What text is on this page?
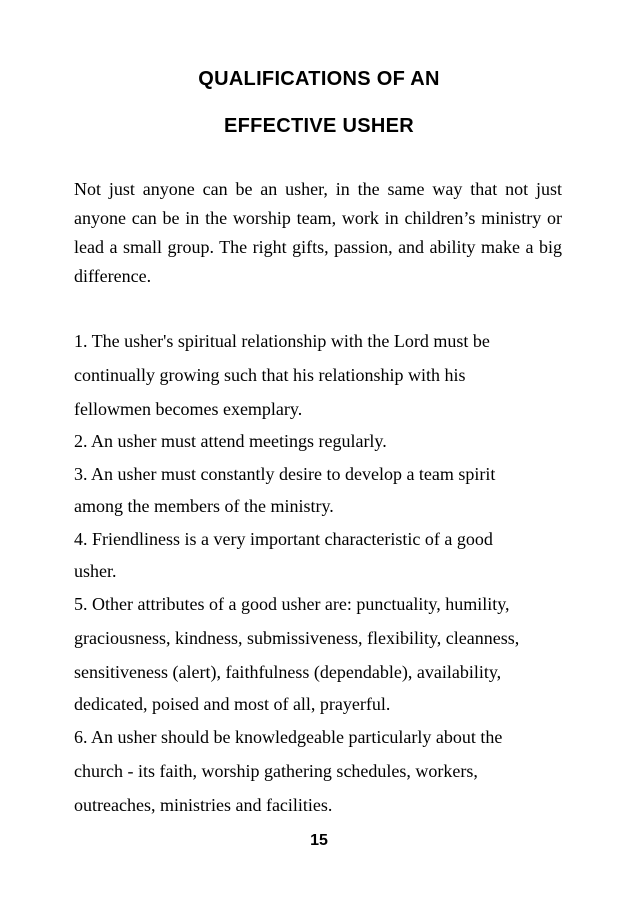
QUALIFICATIONS OF AN
EFFECTIVE USHER
Not just anyone can be an usher, in the same way that not just anyone can be in the worship team, work in children’s ministry or lead a small group. The right gifts, passion, and ability make a big difference.
1. The usher's spiritual relationship with the Lord must be
continually growing such that his relationship with his
fellowmen becomes exemplary.
2. An usher must attend meetings regularly.
3. An usher must constantly desire to develop a team spirit
among the members of the ministry.
4. Friendliness is a very important characteristic of a good
usher.
5. Other attributes of a good usher are: punctuality, humility,
graciousness, kindness, submissiveness, flexibility, cleanness,
sensitiveness (alert), faithfulness (dependable), availability,
dedicated, poised and most of all, prayerful.
6. An usher should be knowledgeable particularly about the
church - its faith, worship gathering schedules, workers,
outreaches, ministries and facilities.
15
